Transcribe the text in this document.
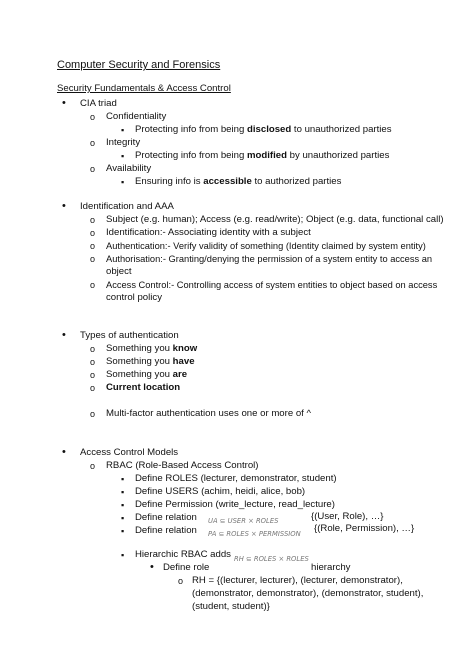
Computer Security and Forensics
Security Fundamentals & Access Control
•
CIA triad
o
Confidentiality
▪
Protecting info from being disclosed to unauthorized parties
o
Integrity
▪
Protecting info from being modified by unauthorized parties
o
Availability
▪
Ensuring info is accessible to authorized parties
•
Identification and AAA
o
Subject (e.g. human); Access (e.g. read/write); Object (e.g. data, functional call)
o
Identification:- Associating identity with a subject
o
Authentication:- Verify validity of something (Identity claimed by system entity)
o
Authorisation:- Granting/denying the permission of a system entity to access an
object
o
Access Control:- Controlling access of system entities to object based on access
control policy
•
Types of authentication
o
Something you know
o
Something you have
o
Something you are
o
Current location
o
Multi-factor authentication uses one or more of ^
•
Access Control Models
o
RBAC (Role-Based Access Control)
▪
Define ROLES (lecturer, demonstrator, student)
▪
Define USERS (achim, heidi, alice, bob)
▪
Define Permission (write_lecture, read_lecture)
▪
Define relation UA ⊆ USER × ROLES	{(User, Role), …}
▪
Define relation PA ⊆ ROLES × PERMISSION {(Role, Permission), …}
▪
Hierarchic RBAC adds RH ⊆ ROLES × ROLES
•
Define role	hierarchy
o
RH = {(lecturer, lecturer), (lecturer, demonstrator),
(demonstrator, demonstrator), (demonstrator, student),
(student, student)}
